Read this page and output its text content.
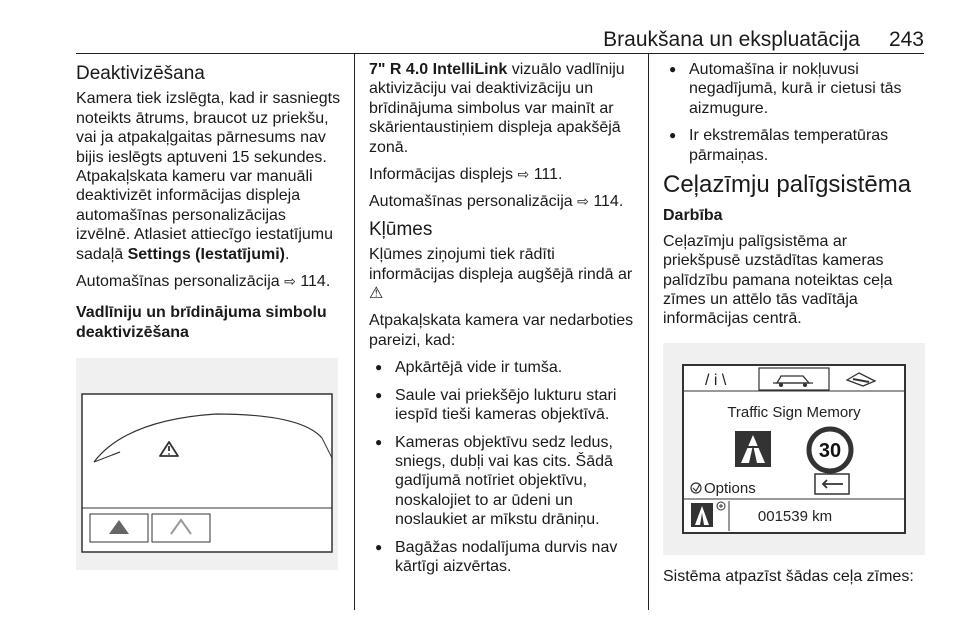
Braukšana un ekspluatācija 243
Deaktivizēšana

Kamera tiek izslēgta, kad ir sasniegts noteikts ātrums, braucot uz priekšu, vai ja atpakaļgaitas pārnesums nav bijis ieslēgts aptuveni 15 sekundes. Atpakaļskata kameru var manuāli deaktivizēt informācijas displeja automašīnas personalizācijas izvēlnē. Atlasiet attiecīgo iestatījumu sadaļā Settings (Iestatījumi).

Automašīnas personalizācija ⇨ 114.

Vadlīniju un brīdinājuma simbolu deaktivizēšana

7" R 4.0 IntelliLink vizuālo vadlīniju aktivizāciju vai deaktivizāciju un brīdinājuma simbolus var mainīt ar skārientaustiņiem displeja apakšējā zonā.

Informācijas displejs ⇨ 111.

Automašīnas personalizācija ⇨ 114.

Kļūmes

Kļūmes ziņojumi tiek rādīti informācijas displeja augšējā rindā ar ⚠

Atpakaļskata kamera var nedarboties pareizi, kad:

● Apkārtējā vide ir tumša.
● Saule vai priekšējo lukturu stari iespīd tieši kameras objektīvā.
● Kameras objektīvu sedz ledus, sniegs, dubļi vai kas cits. Šādā gadījumā notīriet objektīvu, noskalojiet to ar ūdeni un noslaukiet ar mīkstu drāniņu.
● Bagāžas nodalījuma durvis nav kārtīgi aizvērtas.
● Automašīna ir nokļuvusi negadījumā, kurā ir cietusi tās aizmugure.
● Ir ekstremālas temperatūras pārmaiņas.
Ceļazīmju palīgsistēma
Darbība

Ceļazīmju palīgsistēma ar priekšpusē uzstādītas kameras palīdzību pamana noteiktas ceļa zīmes un attēlo tās vadītāja informācijas centrā.

/ i \
Traffic Sign Memory
30
Options
001539 km

Sistēma atpazīst šādas ceļa zīmes:
